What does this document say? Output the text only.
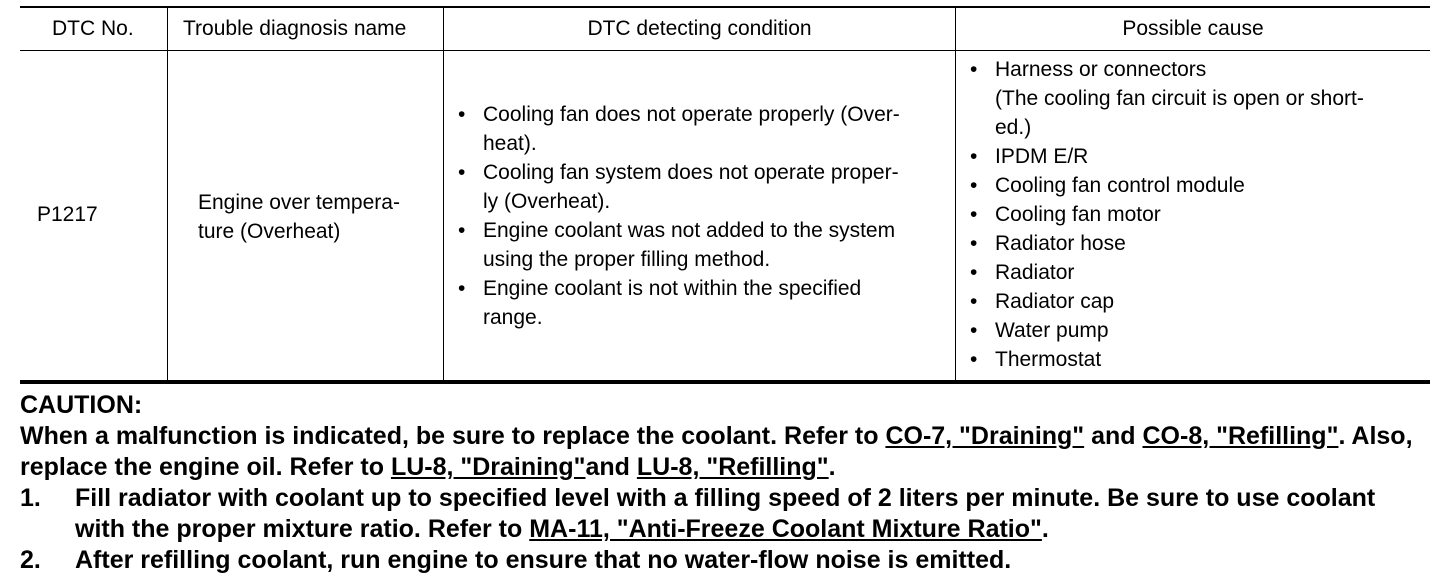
DTC No.
P1217
Trouble diagnosis name
Engine over tempera-
ture (Overheat)
DTC detecting condition
• Cooling fan does not operate properly (Over-
heat).
• Cooling fan system does not operate proper-
ly (Overheat).
• Engine coolant was not added to the system
using the proper filling method.
• Engine coolant is not within the specified
range.
Possible cause
• Harness or connectors
(The cooling fan circuit is open or short-
ed.)
• IPDM E/R
• Cooling fan control module
• Cooling fan motor
• Radiator hose
• Radiator
• Radiator cap
• Water pump
• Thermostat
CAUTION:
When a malfunction is indicated, be sure to replace the coolant. Refer to CO-7, "Draining" and CO-8, "Refilling". Also, replace the engine oil. Refer to LU-8, "Draining"and LU-8, "Refilling".
1. Fill radiator with coolant up to specified level with a filling speed of 2 liters per minute. Be sure to use coolant with the proper mixture ratio. Refer to MA-11, "Anti-Freeze Coolant Mixture Ratio".
2. After refilling coolant, run engine to ensure that no water-flow noise is emitted.
